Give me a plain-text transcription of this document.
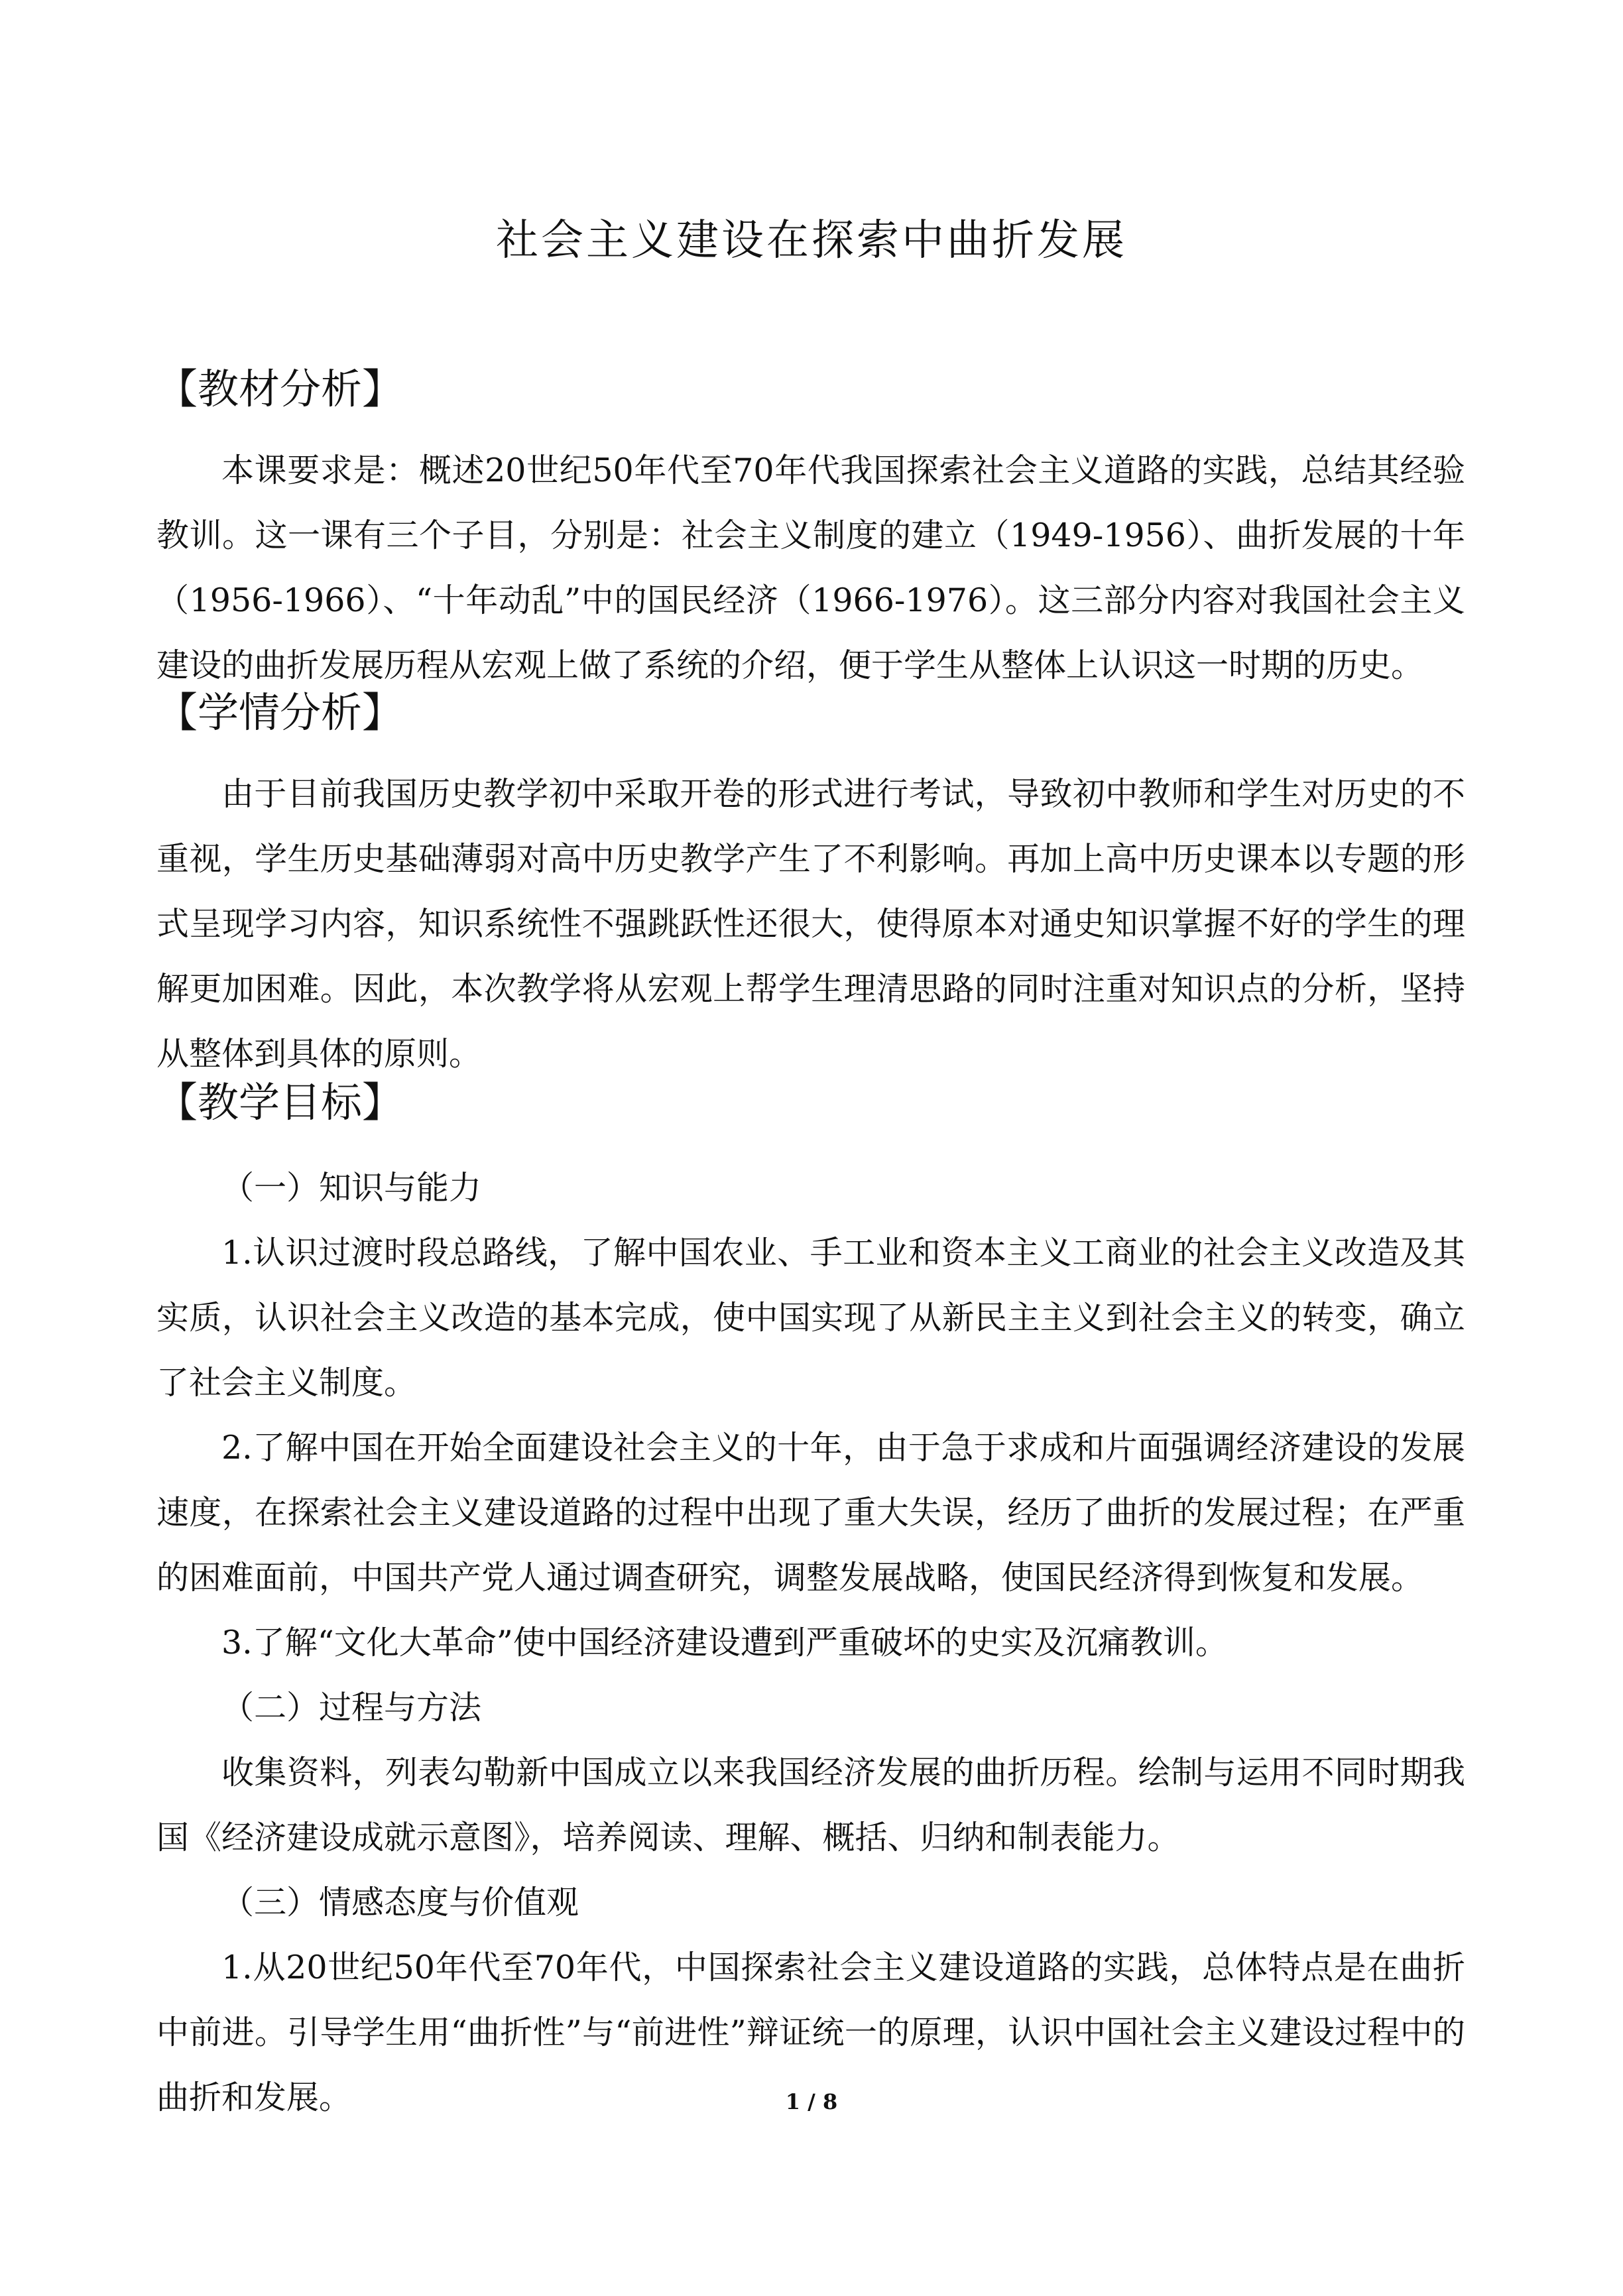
社会主义建设在探索中曲折发展
【教材分析】

本课要求是：概述20世纪50年代至70年代我国探索社会主义道路的实践，总结其经验教训。这一课有三个子目，分别是：社会主义制度的建立（1949-1956）、曲折发展的十年（1956-1966）、“十年动乱”中的国民经济（1966-1976）。这三部分内容对我国社会主义建设的曲折发展历程从宏观上做了系统的介绍，便于学生从整体上认识这一时期的历史。

【学情分析】

由于目前我国历史教学初中采取开卷的形式进行考试，导致初中教师和学生对历史的不重视，学生历史基础薄弱对高中历史教学产生了不利影响。再加上高中历史课本以专题的形式呈现学习内容，知识系统性不强跳跃性还很大，使得原本对通史知识掌握不好的学生的理解更加困难。因此，本次教学将从宏观上帮学生理清思路的同时注重对知识点的分析，坚持从整体到具体的原则。

【教学目标】
（一）知识与能力

1.认识过渡时段总路线，了解中国农业、手工业和资本主义工商业的社会主义改造及其实质，认识社会主义改造的基本完成，使中国实现了从新民主主义到社会主义的转变，确立了社会主义制度。

2.了解中国在开始全面建设社会主义的十年，由于急于求成和片面强调经济建设的发展速度，在探索社会主义建设道路的过程中出现了重大失误，经历了曲折的发展过程；在严重的困难面前，中国共产党人通过调查研究，调整发展战略，使国民经济得到恢复和发展。

3.了解“文化大革命”使中国经济建设遭到严重破坏的史实及沉痛教训。

（二）过程与方法

收集资料，列表勾勒新中国成立以来我国经济发展的曲折历程。绘制与运用不同时期我国《经济建设成就示意图》，培养阅读、理解、概括、归纳和制表能力。

（三）情感态度与价值观

1.从20世纪50年代至70年代，中国探索社会主义建设道路的实践，总体特点是在曲折中前进。引导学生用“曲折性”与“前进性”辩证统一的原理，认识中国社会主义建设过程中的曲折和发展。	1 / 8
